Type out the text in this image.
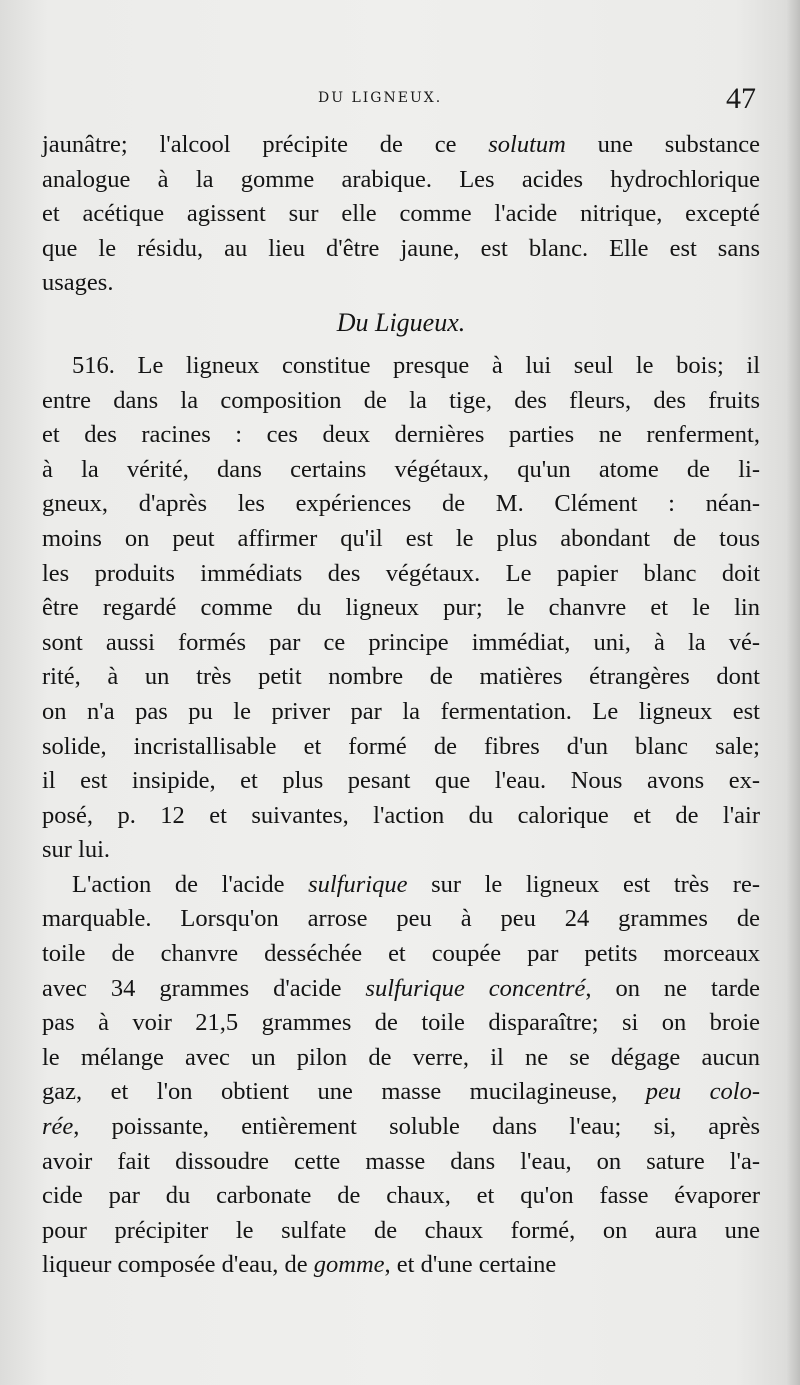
DU LIGNEUX.	47
jaunâtre; l'alcool précipite de ce solutum une substance
analogue à la gomme arabique. Les acides hydrochlorique
et acétique agissent sur elle comme l'acide nitrique, excepté
que le résidu, au lieu d'être jaune, est blanc. Elle est sans
usages.
Du Ligueux.
516. Le ligneux constitue presque à lui seul le bois; il
entre dans la composition de la tige, des fleurs, des fruits
et des racines : ces deux dernières parties ne renferment,
à la vérité, dans certains végétaux, qu'un atome de li-
gneux, d'après les expériences de M. Clément : néan-
moins on peut affirmer qu'il est le plus abondant de tous
les produits immédiats des végétaux. Le papier blanc doit
être regardé comme du ligneux pur; le chanvre et le lin
sont aussi formés par ce principe immédiat, uni, à la vé-
rité, à un très petit nombre de matières étrangères dont
on n'a pas pu le priver par la fermentation. Le ligneux est
solide, incristallisable et formé de fibres d'un blanc sale;
il est insipide, et plus pesant que l'eau. Nous avons ex-
posé, p. 12 et suivantes, l'action du calorique et de l'air
sur lui.
L'action de l'acide sulfurique sur le ligneux est très re-
marquable. Lorsqu'on arrose peu à peu 24 grammes de
toile de chanvre desséchée et coupée par petits morceaux
avec 34 grammes d'acide sulfurique concentré, on ne tarde
pas à voir 21,5 grammes de toile disparaître; si on broie
le mélange avec un pilon de verre, il ne se dégage aucun
gaz, et l'on obtient une masse mucilagineuse, peu colo-
rée, poissante, entièrement soluble dans l'eau; si, après
avoir fait dissoudre cette masse dans l'eau, on sature l'a-
cide par du carbonate de chaux, et qu'on fasse évaporer
pour précipiter le sulfate de chaux formé, on aura une
liqueur composée d'eau, de gomme, et d'une certaine
